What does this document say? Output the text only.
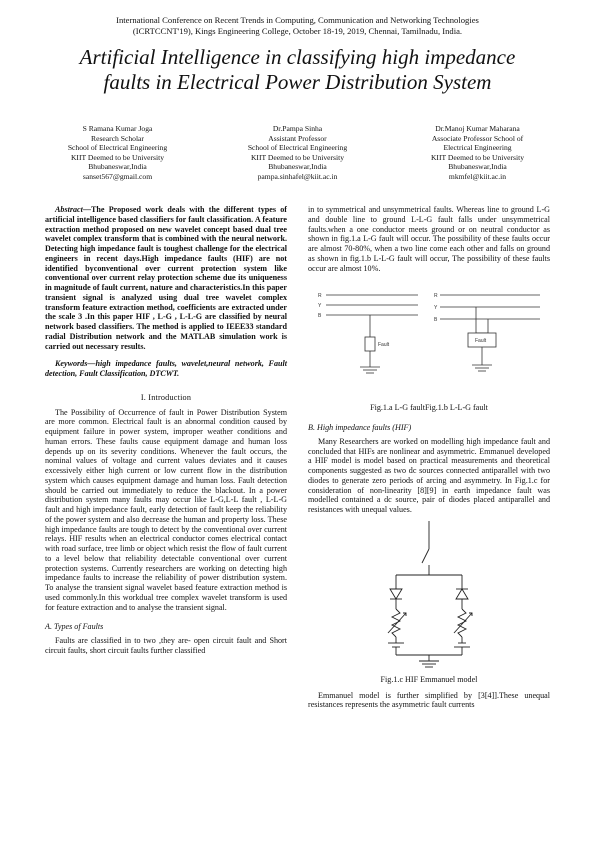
International Conference on Recent Trends in Computing, Communication and Networking Technologies
(ICRTCCNT'19), Kings Engineering College, October 18-19, 2019, Chennai, Tamilnadu, India.
Artificial Intelligence in classifying high impedance
faults in Electrical Power Distribution System
S Ramana Kumar Joga
Research Scholar
School of Electrical Engineering
KIIT Deemed to be University
Bhubaneswar,India
sanset567@gmail.com
Dr.Pampa Sinha
Assistant Professor
School of Electrical Engineering
KIIT Deemed to be University
Bhubaneswar,India
pampa.sinhafel@kiit.ac.in
Dr.Manoj Kumar Maharana
Associate Professor School of
Electrical Engineering
KIIT Deemed to be University
Bhubaneswar,India
mkmfel@kiit.ac.in

Abstract—The Proposed work deals with the different types of artificial intelligence based classifiers for fault classification. A feature extraction method proposed on new wavelet concept based dual tree wavelet complex transform that is combined with the neural network. Detecting high impedance fault is toughest challenge for the electrical engineers in recent days.High impedance faults (HIF) are not identified byconventional over current protection system like conventional over current relay protection scheme due its uniqueness in magnitude of fault current, nature and characteristics.In this paper transient signal is analyzed using dual tree wavelet complex transform feature extraction method, coefficients are extracted under the scale 3 .In this paper HIF , L-G , L-L-G are classified by neural network based classifiers. The method is applied to IEEE33 standard radial Distribution network and the MATLAB simulation work is carried out necessary results.

Keywords—high impedance faults, wavelet,neural network, Fault detection, Fault Classification, DTCWT.

I. Introduction

The Possibility of Occurrence of fault in Power Distribution System are more common. Electrical fault is an abnormal condition caused by equipment failure in power system, improper weather conditions and human errors. These faults cause equipment damage and human loss depends up on its severity conditions. Whenever the fault occurs, the nominal values of voltage and current values deviates and it causes excessively either high current or low current flow in the distribution system which causes equipment damage and human loss. Fault detection should be carried out immediately to reduce the blackout. In a power distribution system many faults may occur like L-G,L-L fault , L-L-G fault and high impedance fault, early detection of fault keep the reliability of the power system and also decrease the human and property loss. These high impedance faults are tough to detect by the conventional over current relays. HIF results when an electrical conductor comes electrical contact with road surface, tree limb or object which resist the flow of fault current to a level below that reliability detectable conventional over current protection systems. Currently researchers are working on detecting high impedance faults to increase the reliability of power distribution system. To analyse the transient signal wavelet based feature extraction method is used commonly.In this workdual tree complex wavelet transform is used for feature extraction and to analyse the transient signal.

A. Types of Faults

Faults are classified in to two ,they are- open circuit fault and Short circuit faults, short circuit faults further classified

in to symmetrical and unsymmetrical faults. Whereas line to ground L-G and double line to ground L-L-G fault falls under unsymmetrical faults.when a one conductor meets ground or on neutral conductor as shown in fig.1.a L-G fault will occur. The possibility of these faults occur are almost 70-80%, when a two line come each other and falls on ground as shown in fig.1.b L-L-G fault will occur, The possibility of these faults occur are almost 10%.

R
Y
B
Fault
R
Y
B
Fault
Fig.1.a L-G faultFig.1.b L-L-G fault
B. High impedance faults (HIF)

Many Researchers are worked on modelling high impedance fault and concluded that HIFs are nonlinear and asymmetric. Emmanuel developed a HIF model is model based on practical measurements and theoretical components suggested as two dc sources connected antiparallel with two diodes to generate zero periods of arcing and asymmetry. In Fig.1.c for consideration of non-linearity [8][9] in earth impedance fault was modelled contained a dc source, pair of diodes placed antiparallel and resistances with unequal values.

Fig.1.c HIF Emmanuel model

Emmanuel model is further simplified by [3[4]].These unequal resistances represents the asymmetric fault currents
